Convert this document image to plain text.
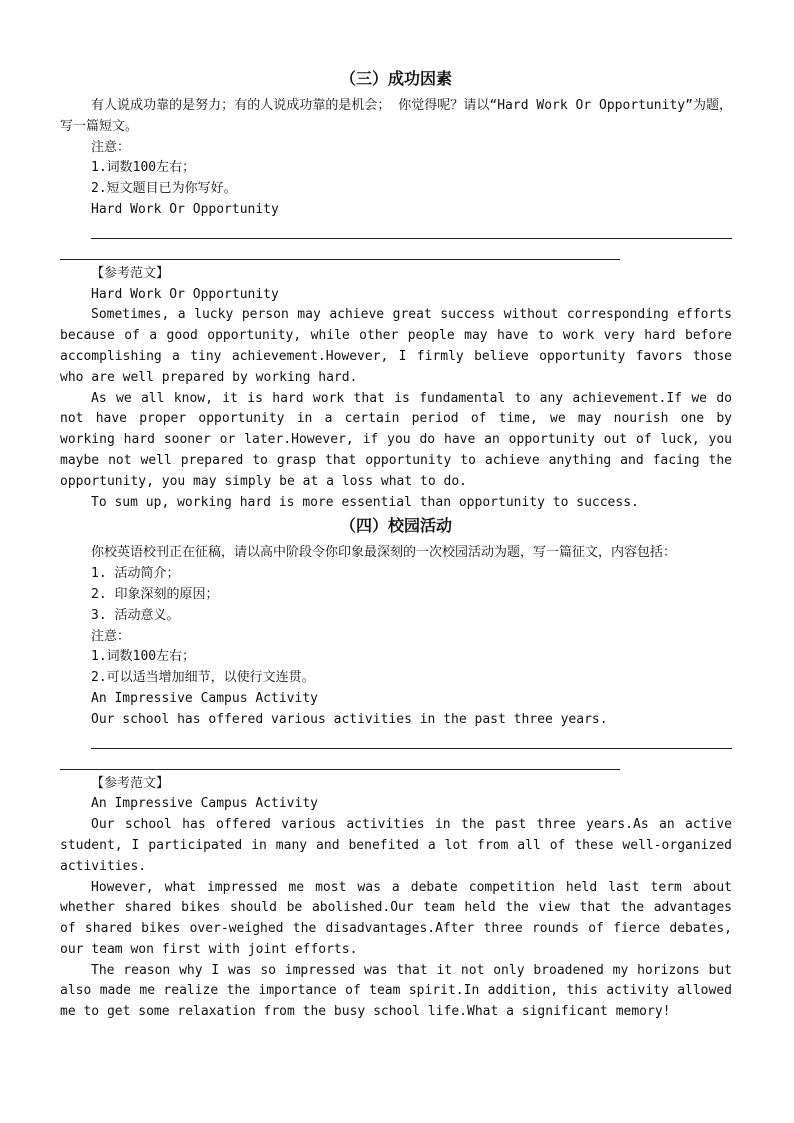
（三）成功因素

有人说成功靠的是努力；有的人说成功靠的是机会； 你觉得呢？请以“Hard Work Or Opportunity”为题，写一篇短文。

注意：

1.词数100左右；

2.短文题目已为你写好。

Hard Work Or Opportunity

【参考范文】

Hard Work Or Opportunity

Sometimes, a lucky person may achieve great success without corresponding efforts because of a good opportunity, while other people may have to work very hard before accomplishing a tiny achievement.However, I firmly believe opportunity favors those who are well prepared by working hard.

As we all know, it is hard work that is fundamental to any achievement.If we do not have proper opportunity in a certain period of time, we may nourish one by working hard sooner or later.However, if you do have an opportunity out of luck, you maybe not well prepared to grasp that opportunity to achieve anything and facing the opportunity, you may simply be at a loss what to do.

To sum up, working hard is more essential than opportunity to success.

（四）校园活动

你校英语校刊正在征稿，请以高中阶段令你印象最深刻的一次校园活动为题，写一篇征文，内容包括：

1. 活动简介；

2. 印象深刻的原因；

3. 活动意义。

注意：

1.词数100左右；

2.可以适当增加细节，以使行文连贯。

An Impressive Campus Activity

Our school has offered various activities in the past three years.

【参考范文】

An Impressive Campus Activity

Our school has offered various activities in the past three years.As an active student, I participated in many and benefited a lot from all of these well-organized activities.

However, what impressed me most was a debate competition held last term about whether shared bikes should be abolished.Our team held the view that the advantages of shared bikes over-weighed the disadvantages.After three rounds of fierce debates, our team won first with joint efforts.

The reason why I was so impressed was that it not only broadened my horizons but also made me realize the importance of team spirit.In addition, this activity allowed me to get some relaxation from the busy school life.What a significant memory!
